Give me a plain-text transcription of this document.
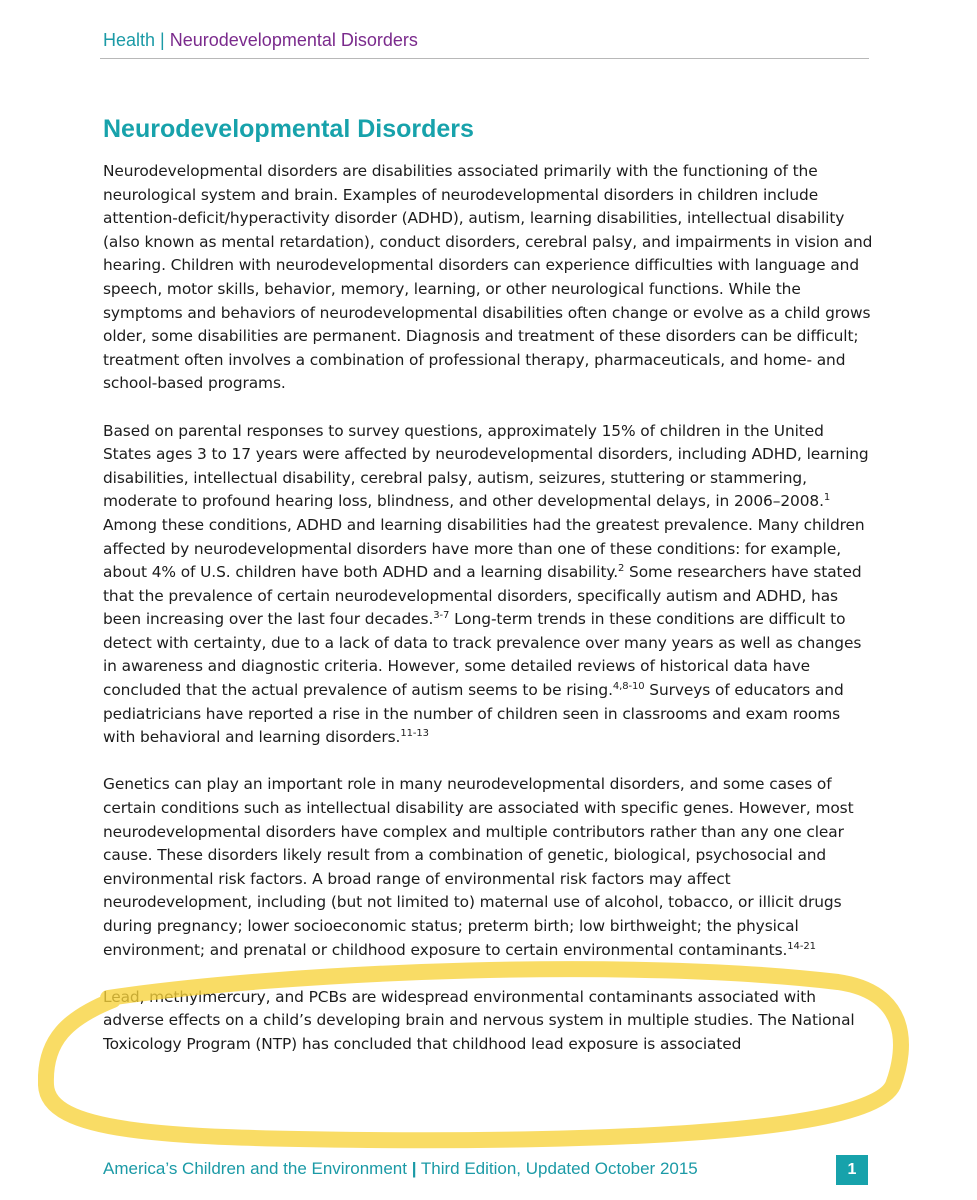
Health | Neurodevelopmental Disorders
Neurodevelopmental Disorders

Neurodevelopmental disorders are disabilities associated primarily with the functioning of the neurological system and brain. Examples of neurodevelopmental disorders in children include attention-deficit/hyperactivity disorder (ADHD), autism, learning disabilities, intellectual disability (also known as mental retardation), conduct disorders, cerebral palsy, and impairments in vision and hearing. Children with neurodevelopmental disorders can experience difficulties with language and speech, motor skills, behavior, memory, learning, or other neurological functions. While the symptoms and behaviors of neurodevelopmental disabilities often change or evolve as a child grows older, some disabilities are permanent. Diagnosis and treatment of these disorders can be difficult; treatment often involves a combination of professional therapy, pharmaceuticals, and home- and school-based programs.

Based on parental responses to survey questions, approximately 15% of children in the United States ages 3 to 17 years were affected by neurodevelopmental disorders, including ADHD, learning disabilities, intellectual disability, cerebral palsy, autism, seizures, stuttering or stammering, moderate to profound hearing loss, blindness, and other developmental delays, in 2006–2008.$^1$ Among these conditions, ADHD and learning disabilities had the greatest prevalence. Many children affected by neurodevelopmental disorders have more than one of these conditions: for example, about 4% of U.S. children have both ADHD and a learning disability.$^2$ Some researchers have stated that the prevalence of certain neurodevelopmental disorders, specifically autism and ADHD, has been increasing over the last four decades.$^{3-7}$ Long-term trends in these conditions are difficult to detect with certainty, due to a lack of data to track prevalence over many years as well as changes in awareness and diagnostic criteria. However, some detailed reviews of historical data have concluded that the actual prevalence of autism seems to be rising.$^{4,8-10}$ Surveys of educators and pediatricians have reported a rise in the number of children seen in classrooms and exam rooms with behavioral and learning disorders.$^{11-13}$

Genetics can play an important role in many neurodevelopmental disorders, and some cases of certain conditions such as intellectual disability are associated with specific genes. However, most neurodevelopmental disorders have complex and multiple contributors rather than any one clear cause. These disorders likely result from a combination of genetic, biological, psychosocial and environmental risk factors. A broad range of environmental risk factors may affect neurodevelopment, including (but not limited to) maternal use of alcohol, tobacco, or illicit drugs during pregnancy; lower socioeconomic status; preterm birth; low birthweight; the physical environment; and prenatal or childhood exposure to certain environmental contaminants.$^{14-21}$

Lead, methylmercury, and PCBs are widespread environmental contaminants associated with adverse effects on a child’s developing brain and nervous system in multiple studies. The National Toxicology Program (NTP) has concluded that childhood lead exposure is associated

America’s Children and the Environment | Third Edition, Updated October 2015	1
